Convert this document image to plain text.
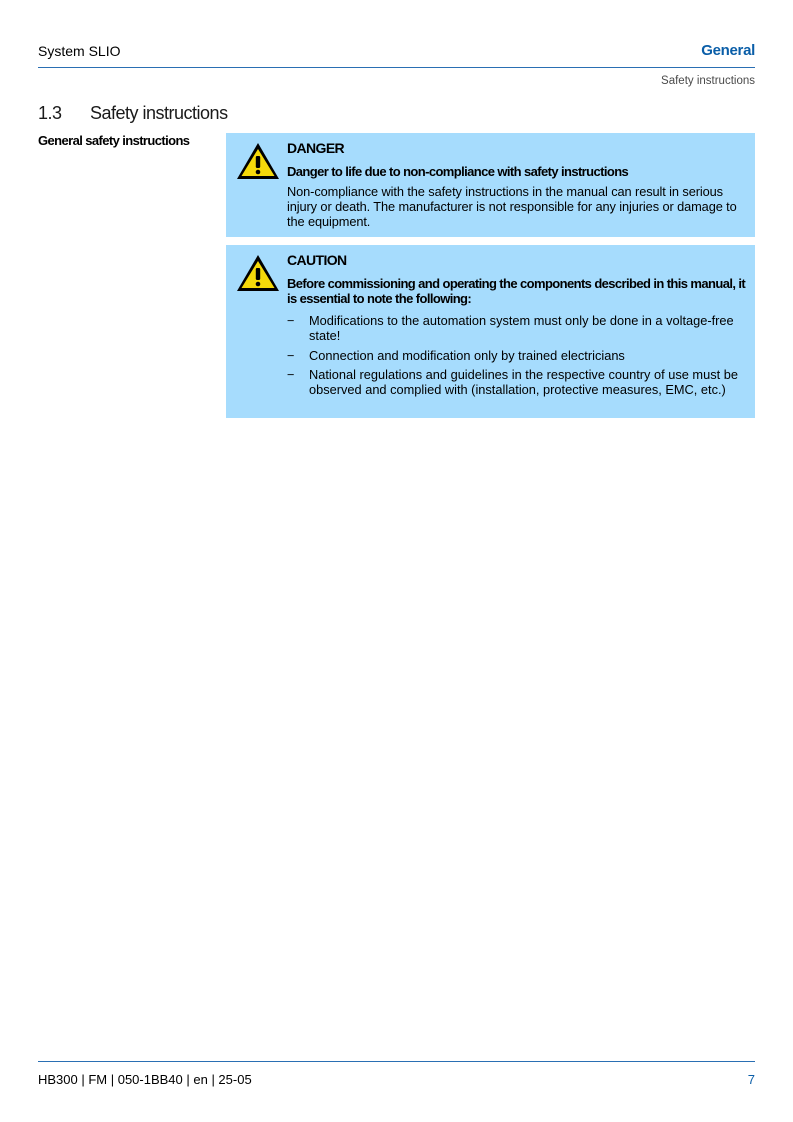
System SLIO	General
Safety instructions
1.3 Safety instructions
General safety instructions	DANGER
Danger to life due to non-compliance with safety instructions
Non-compliance with the safety instructions in the manual can result in serious injury or death. The manufacturer is not responsible for any injuries or damage to the equipment.
CAUTION
Before commissioning and operating the components described in this manual, it is essential to note the following:
− Modifications to the automation system must only be done in a voltage-free state!
− Connection and modification only by trained electricians
− National regulations and guidelines in the respective country of use must be observed and complied with (installation, protective measures, EMC, etc.)
HB300 | FM | 050-1BB40 | en | 25-05	7
